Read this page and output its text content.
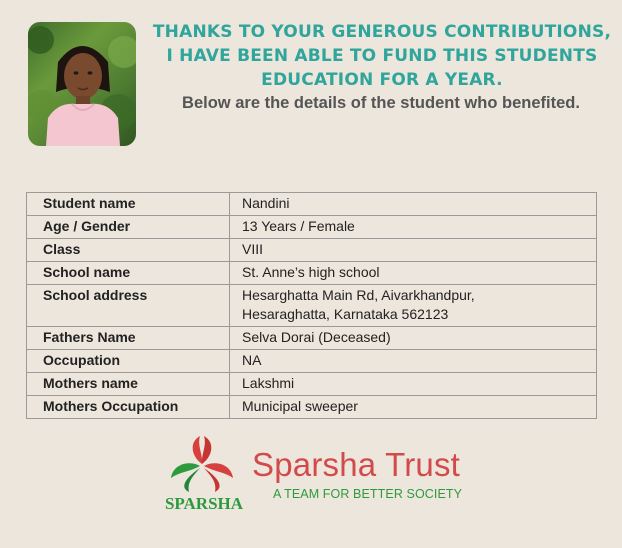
THANKS TO YOUR GENEROUS CONTRIBUTIONS, I HAVE BEEN ABLE TO FUND THIS STUDENTS EDUCATION FOR A YEAR.
Below are the details of the student who benefited.
Student name	Nandini
Age / Gender	13 Years / Female
Class	VIII
School name	St. Anne’s high school
School address	Hesarghatta Main Rd, Aivarkhandpur,
Hesaraghatta, Karnataka 562123

Fathers Name	Selva Dorai (Deceased)
Occupation	NA
Mothers name	Lakshmi
Mothers Occupation	Municipal sweeper
SPARSHA
Sparsha Trust
A TEAM FOR BETTER SOCIETY
